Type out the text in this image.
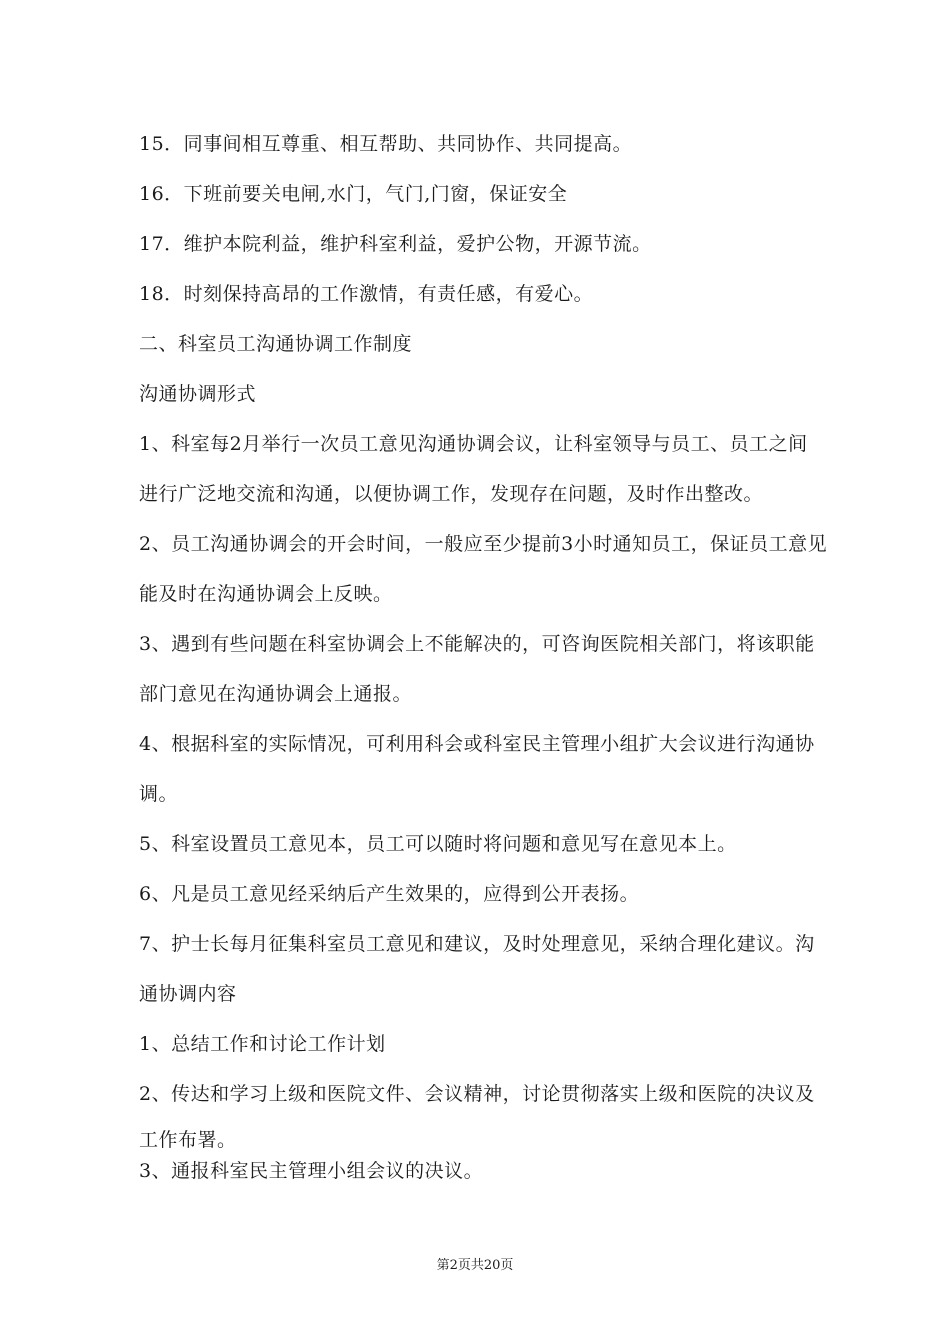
15．同事间相互尊重、相互帮助、共同协作、共同提高。
16．下班前要关电闸,水门，气门,门窗，保证安全
17．维护本院利益，维护科室利益，爱护公物，开源节流。
18．时刻保持高昂的工作激情，有责任感，有爱心。
二、科室员工沟通协调工作制度
沟通协调形式
1、科室每2月举行一次员工意见沟通协调会议，让科室领导与员工、员工之间
进行广泛地交流和沟通，以便协调工作，发现存在问题，及时作出整改。
2、员工沟通协调会的开会时间，一般应至少提前3小时通知员工，保证员工意见
能及时在沟通协调会上反映。
3、遇到有些问题在科室协调会上不能解决的，可咨询医院相关部门，将该职能
部门意见在沟通协调会上通报。
4、根据科室的实际情况，可利用科会或科室民主管理小组扩大会议进行沟通协
调。
5、科室设置员工意见本，员工可以随时将问题和意见写在意见本上。
6、凡是员工意见经采纳后产生效果的，应得到公开表扬。
7、护士长每月征集科室员工意见和建议，及时处理意见，采纳合理化建议。沟
通协调内容
1、总结工作和讨论工作计划
2、传达和学习上级和医院文件、会议精神，讨论贯彻落实上级和医院的决议及
工作布署。
3、通报科室民主管理小组会议的决议。
第2页共20页
